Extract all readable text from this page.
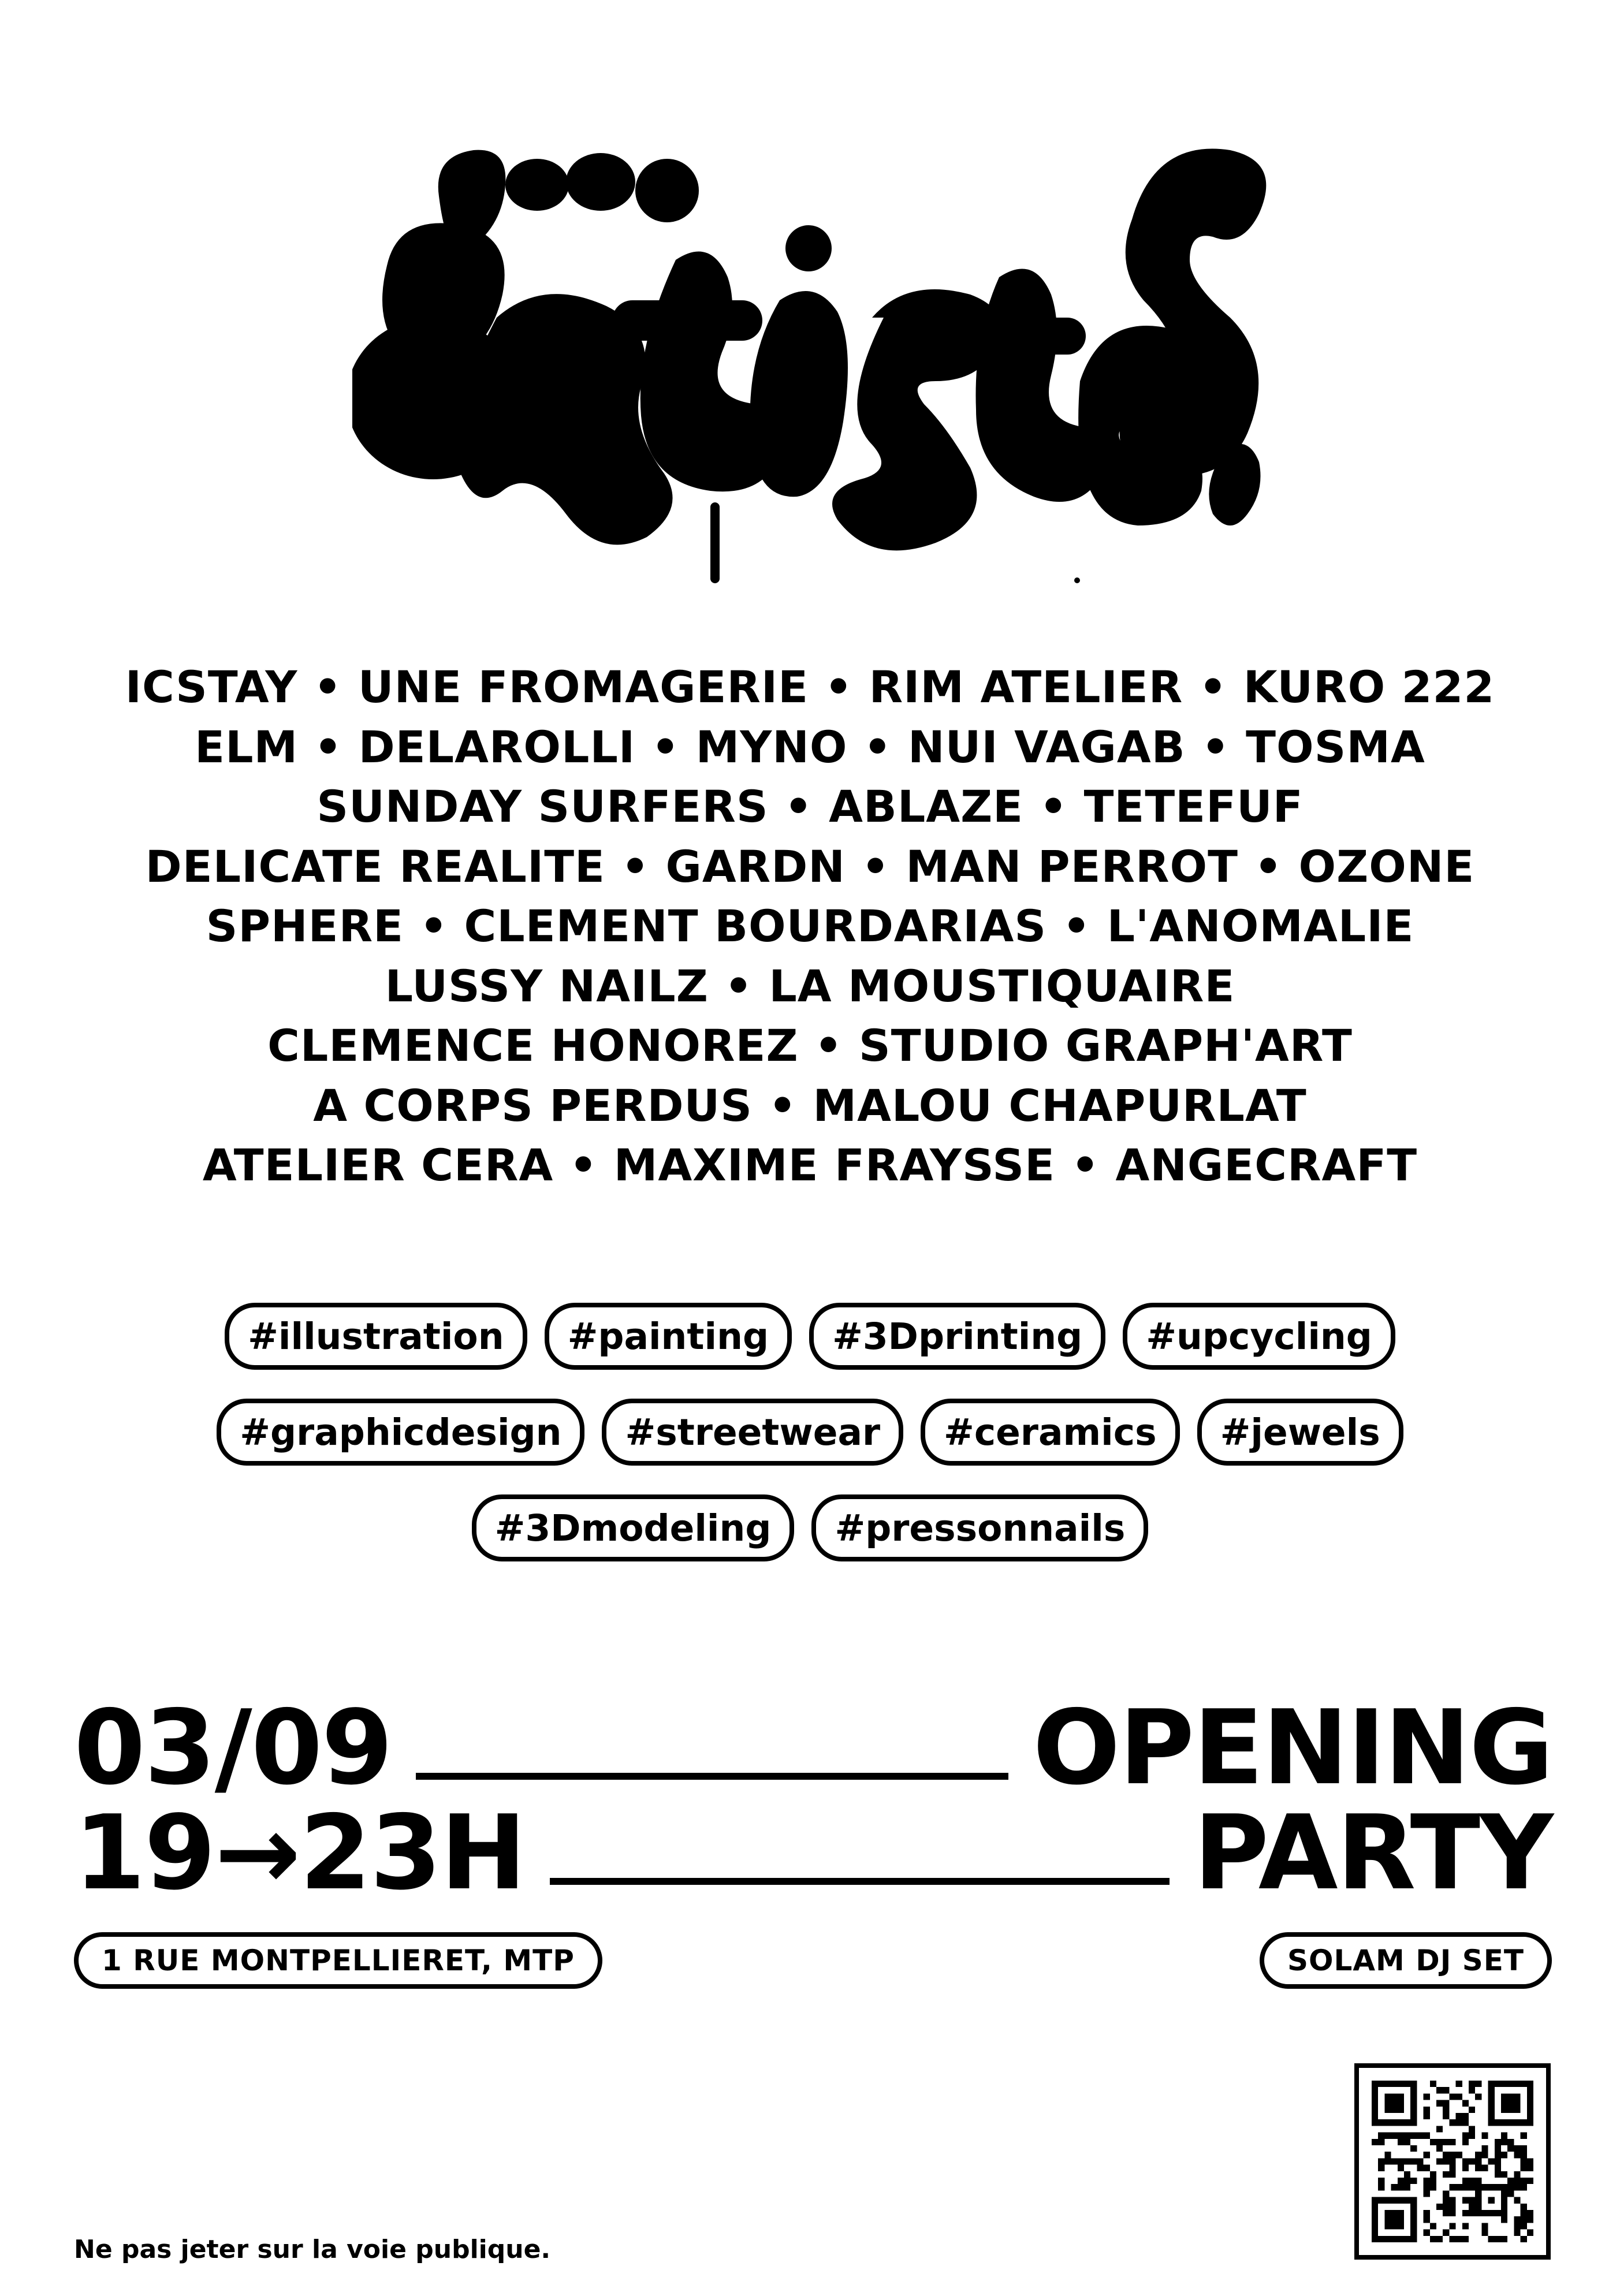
ICSTAY • UNE FROMAGERIE • RIM ATELIER • KURO 222
ELM • DELAROLLI • MYNO • NUI VAGAB • TOSMA
SUNDAY SURFERS • ABLAZE • TETEFUF
DELICATE REALITE • GARDN • MAN PERROT • OZONE
SPHERE • CLEMENT BOURDARIAS • L'ANOMALIE
LUSSY NAILZ • LA MOUSTIQUAIRE
CLEMENCE HONOREZ • STUDIO GRAPH'ART
A CORPS PERDUS • MALOU CHAPURLAT
ATELIER CERA • MAXIME FRAYSSE • ANGECRAFT
#illustration	#painting	#3Dprinting	#upcycling
#graphicdesign	#streetwear	#ceramics	#jewels
#3Dmodeling	#pressonnails
03/09	OPENING
19→23H	PARTY
1 RUE MONTPELLIERET, MTP	SOLAM DJ SET
Ne pas jeter sur la voie publique.
